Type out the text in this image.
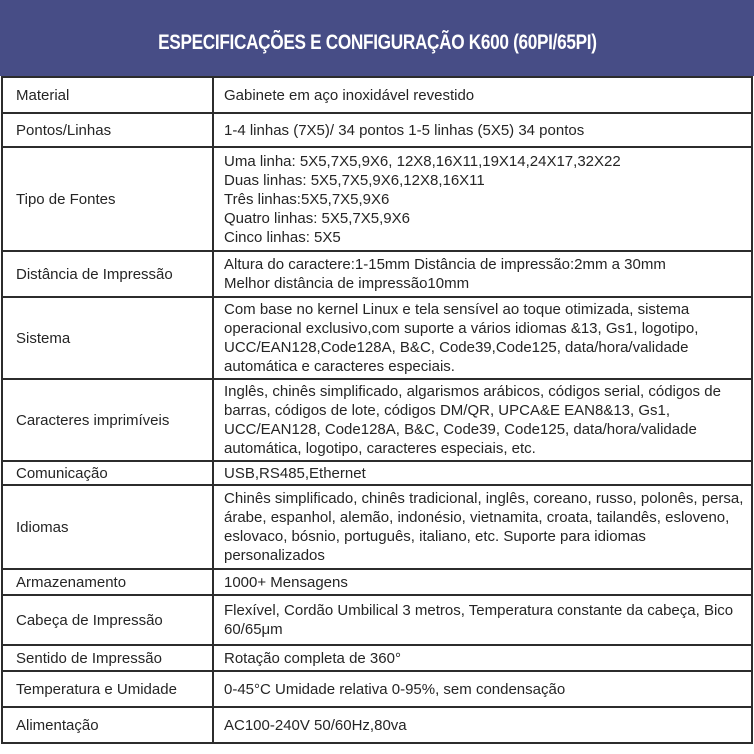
ESPECIFICAÇÕES E CONFIGURAÇÃO K600 (60PI/65PI)
Material	Gabinete em aço inoxidável revestido

Pontos/Linhas	1-4 linhas (7X5)/ 34 pontos 1-5 linhas (5X5) 34 pontos

Tipo de Fontes	Uma linha: 5X5,7X5,9X6, 12X8,16X11,19X14,24X17,32X22
Duas linhas: 5X5,7X5,9X6,12X8,16X11
Três linhas:5X5,7X5,9X6
Quatro linhas: 5X5,7X5,9X6
Cinco linhas: 5X5

Distância de Impressão	Altura do caractere:1-15mm Distância de impressão:2mm a 30mm
Melhor distância de impressão10mm

Sistema	Com base no kernel Linux e tela sensível ao toque otimizada, sistema operacional exclusivo,com suporte a vários idiomas &13, Gs1, logotipo, UCC/EAN128,Code128A, B&C, Code39,Code125, data/hora/validade automática e caracteres especiais.

Caracteres imprimíveis	Inglês, chinês simplificado, algarismos arábicos, códigos serial, códigos de barras, códigos de lote, códigos DM/QR, UPCA&E EAN8&13, Gs1, UCC/EAN128, Code128A, B&C, Code39, Code125, data/hora/validade automática, logotipo, caracteres especiais, etc.

Comunicação	USB,RS485,Ethernet

Idiomas	Chinês simplificado, chinês tradicional, inglês, coreano, russo, polonês, persa, árabe, espanhol, alemão, indonésio, vietnamita, croata, tailandês, esloveno, eslovaco, bósnio, português, italiano, etc. Suporte para idiomas personalizados

Armazenamento	1000+ Mensagens

Cabeça de Impressão	Flexível, Cordão Umbilical 3 metros, Temperatura constante da cabeça, Bico 60/65μm

Sentido de Impressão	Rotação completa de 360°

Temperatura e Umidade	0-45°C Umidade relativa 0-95%, sem condensação

Alimentação	AC100-240V 50/60Hz,80va
